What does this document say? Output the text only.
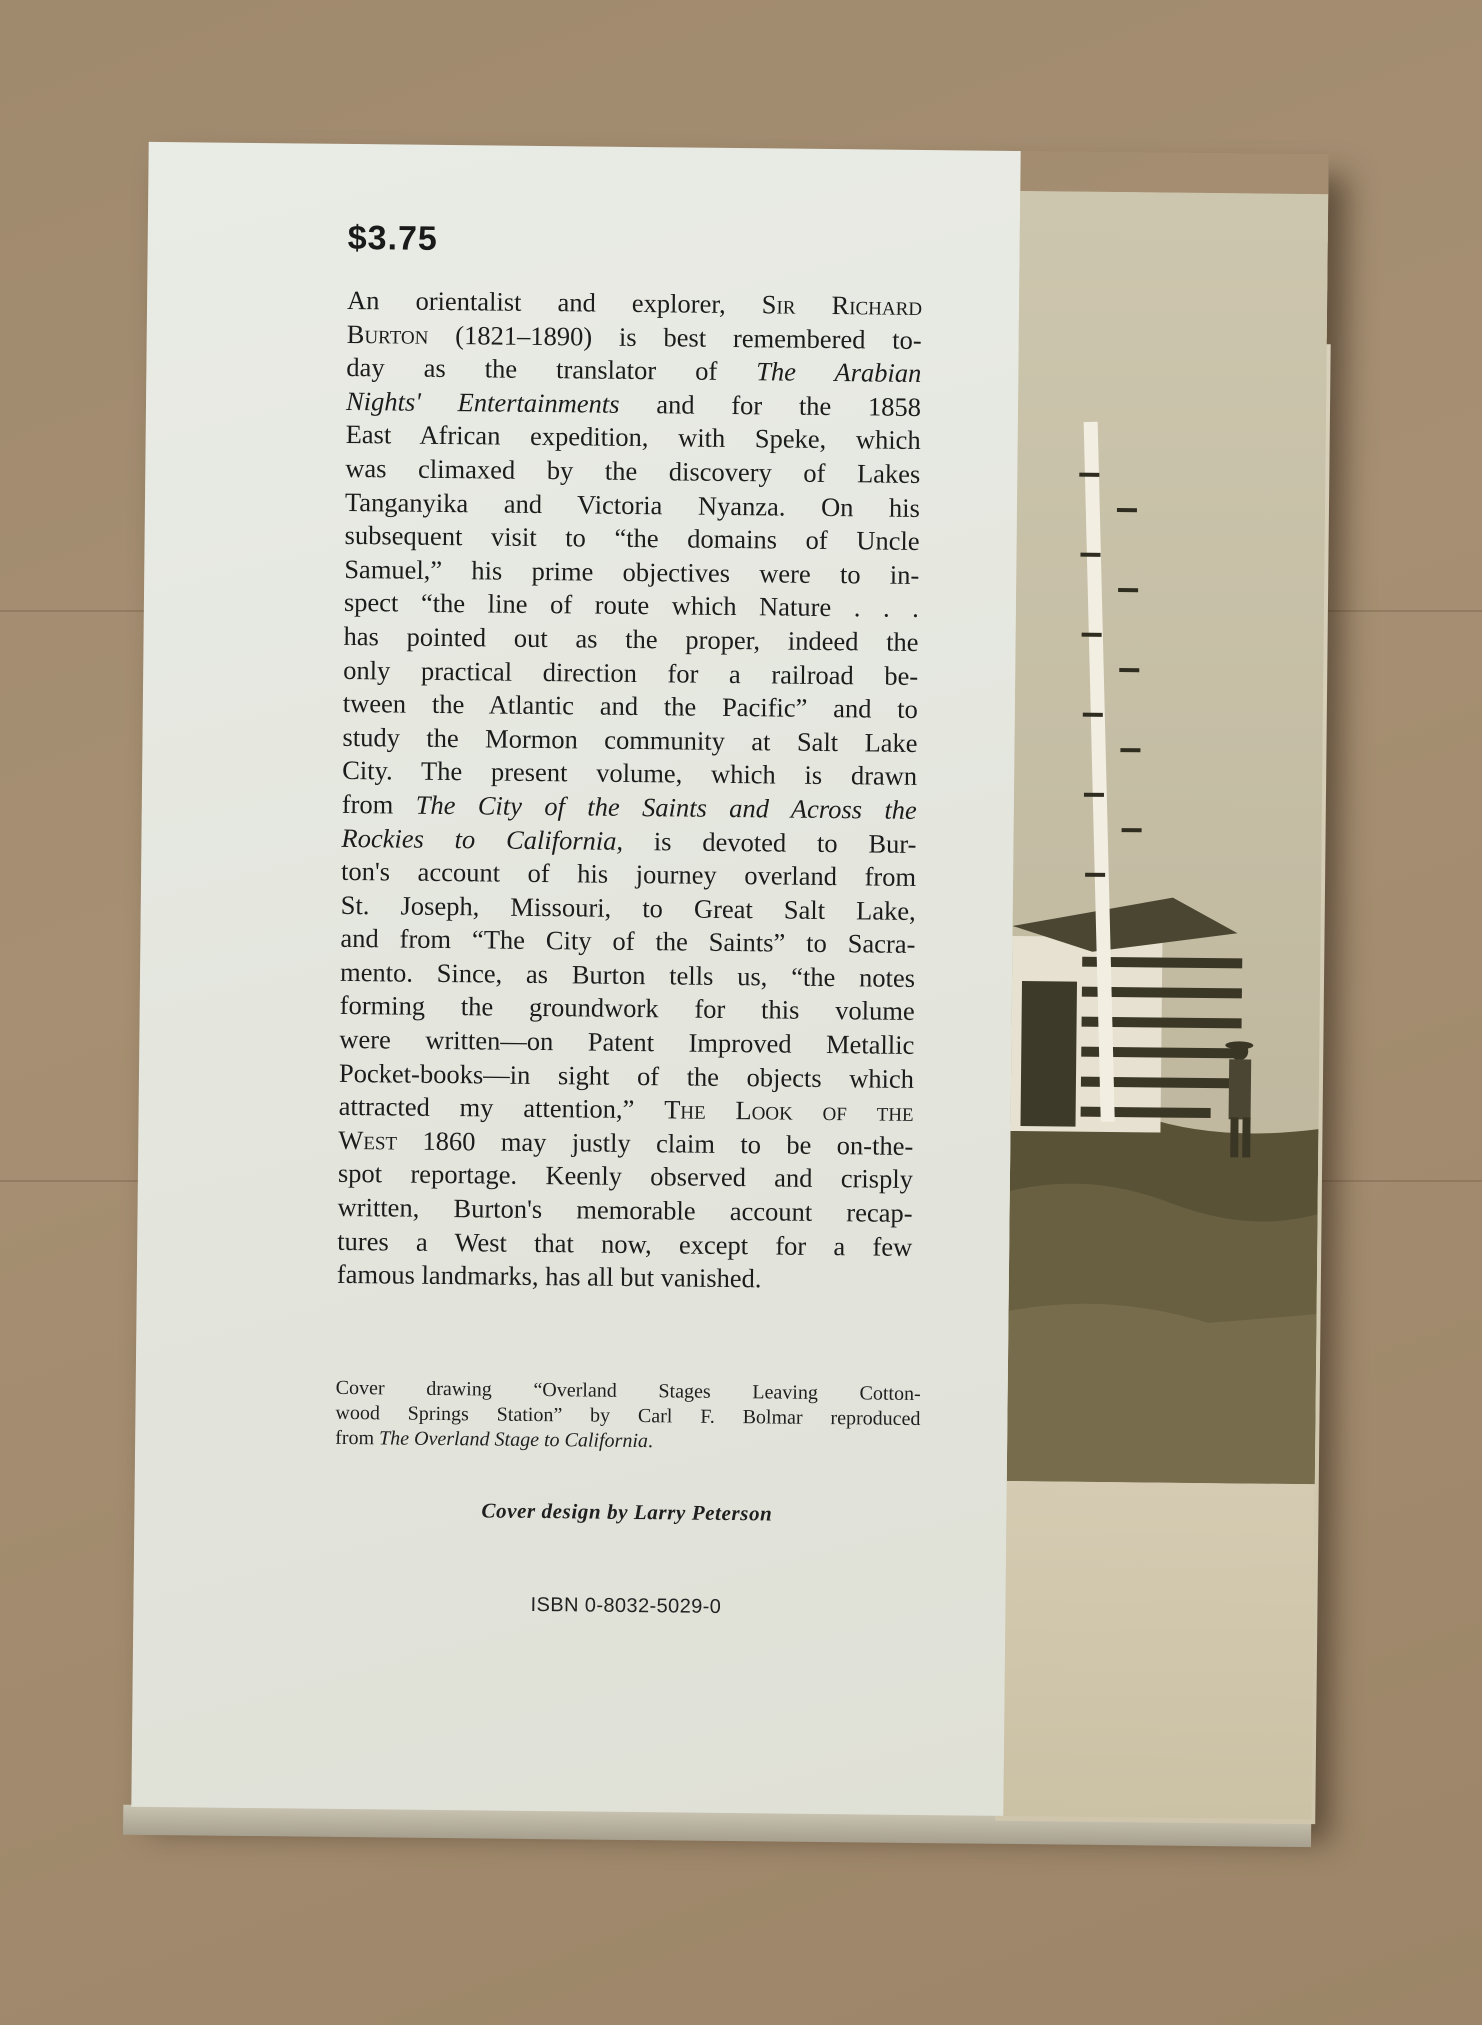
$3.75
An orientalist and explorer, Sir Richard
Burton (1821–1890) is best remembered to-
day as the translator of The Arabian
Nights' Entertainments and for the 1858
East African expedition, with Speke, which
was climaxed by the discovery of Lakes
Tanganyika and Victoria Nyanza. On his
subsequent visit to “the domains of Uncle
Samuel,” his prime objectives were to in-
spect “the line of route which Nature . . .
has pointed out as the proper, indeed the
only practical direction for a railroad be-
tween the Atlantic and the Pacific” and to
study the Mormon community at Salt Lake
City. The present volume, which is drawn
from The City of the Saints and Across the
Rockies to California, is devoted to Bur-
ton's account of his journey overland from
St. Joseph, Missouri, to Great Salt Lake,
and from “The City of the Saints” to Sacra-
mento. Since, as Burton tells us, “the notes
forming the groundwork for this volume
were written—on Patent Improved Metallic
Pocket-books—in sight of the objects which
attracted my attention,” The Look of the
West 1860 may justly claim to be on-the-
spot reportage. Keenly observed and crisply
written, Burton's memorable account recap-
tures a West that now, except for a few
famous landmarks, has all but vanished.
Cover drawing “Overland Stages Leaving Cotton-
wood Springs Station” by Carl F. Bolmar reproduced
from The Overland Stage to California.
Cover design by Larry Peterson
ISBN 0-8032-5029-0
